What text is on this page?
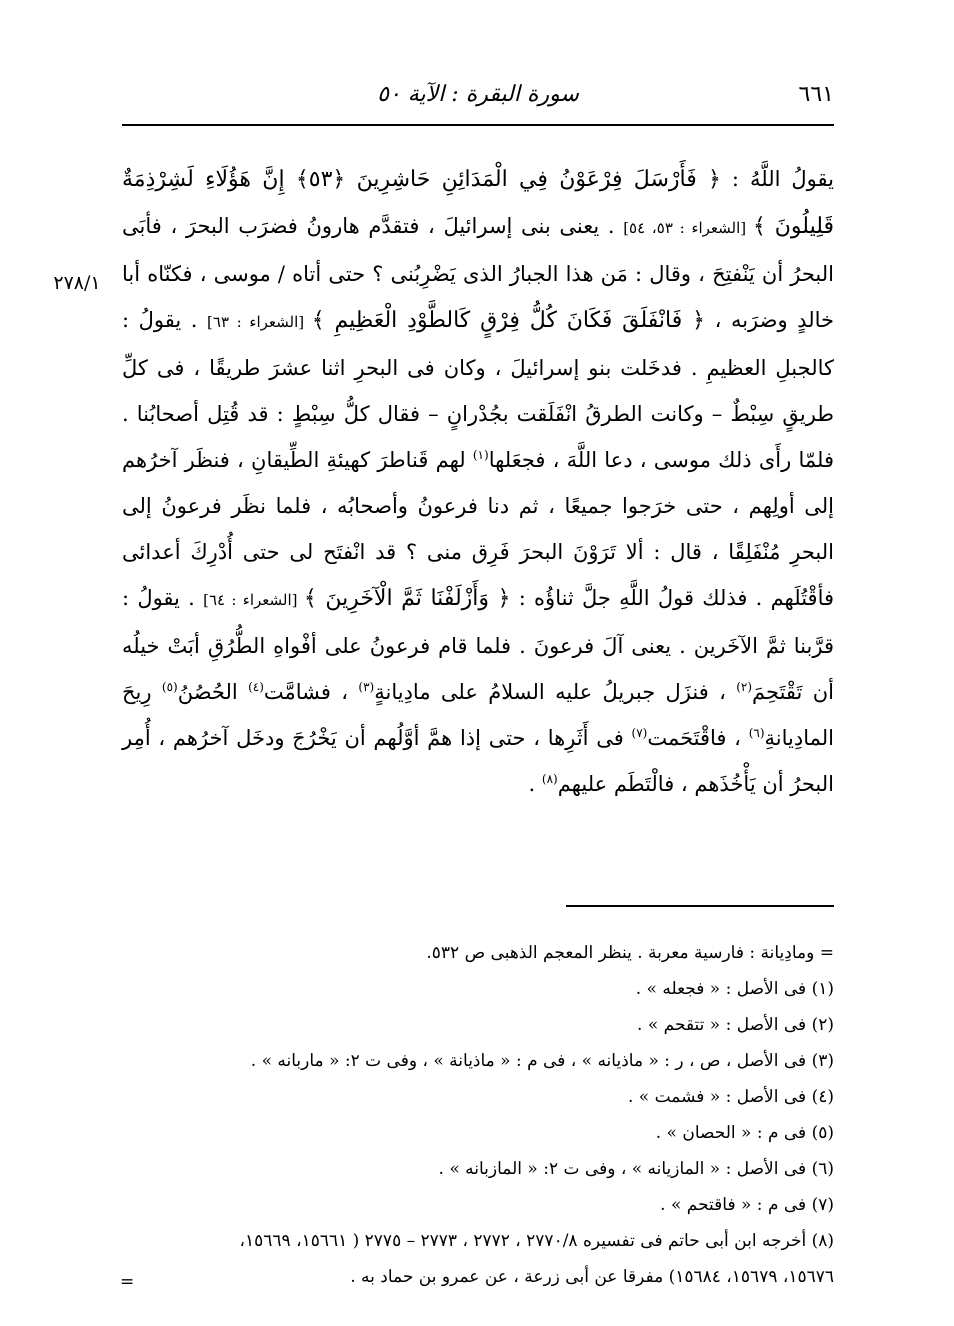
٦٦١
سورة البقرة : الآية ٥٠
٢٧٨/١

يقولُ اللَّهُ : ﴿ فَأَرْسَلَ فِرْعَوْنُ فِي الْمَدَائِنِ حَاشِرِينَ ﴿٥٣﴾ إِنَّ هَؤُلَاءِ لَشِرْذِمَةٌ قَلِيلُونَ ﴾ [الشعراء : ٥٣، ٥٤] . يعنى بنى إسرائيلَ ، فتقدَّم هارونُ فضرَب البحرَ ، فأبَى البحرُ أن يَنْفتِحَ ، وقال : مَن هذا الجبارُ الذى يَضْرِبُنى ؟ حتى أتاه / موسى ، فكنّاه أبا خالدٍ وضرَبه ، ﴿ فَانْفَلَقَ فَكَانَ كُلُّ فِرْقٍ كَالطَّوْدِ الْعَظِيمِ ﴾ [الشعراء : ٦٣] . يقولُ : كالجبلِ العظيمِ . فدخَلت بنو إسرائيلَ ، وكان فى البحرِ اثنا عشرَ طريقًا ، فى كلِّ طريقٍ سِبْطٌ – وكانت الطرقُ انْفَلَقت بجُدْرانٍ – فقال كلُّ سِبْطٍ : قد قُتِل أصحابُنا . فلمّا رأَى ذلك موسى ، دعا اللَّهَ ، فجعَلها$^{(١)}$ لهم قَناطرَ كهيئةِ الطِّيقانِ ، فنظَر آخرُهم إلى أولِهم ، حتى خرَجوا جميعًا ، ثم دنا فرعونُ وأصحابُه ، فلما نظَر فرعونُ إلى البحرِ مُنْفَلِقًا ، قال : ألا تَرَوْنَ البحرَ فَرِق منى ؟ قد انْفتَح لى حتى أُدْرِكَ أعدائى فأقْتُلَهم . فذلك قولُ اللَّهِ جلَّ ثناؤُه : ﴿ وَأَزْلَفْنَا ثَمَّ الْآخَرِينَ ﴾ [الشعراء : ٦٤] . يقولُ : قرَّبنا ثمَّ الآخَرين . يعنى آلَ فرعونَ . فلما قام فرعونُ على أفْواهِ الطُّرُقِ أبَتْ خيلُه أن تَقْتَحِمَ$^{(٢)}$ ، فنزَل جبريلُ عليه السلامُ على مادِيانةٍ$^{(٣)}$ ، فشامَّت$^{(٤)}$ الحُصُنُ$^{(٥)}$ رِيحَ المادِيانةِ$^{(٦)}$ ، فاقْتَحَمت$^{(٧)}$ فى أَثَرِها ، حتى إذا همَّ أوَّلُهم أن يَخْرُجَ ودخَل آخرُهم ، أُمِر البحرُ أن يَأْخُذَهم ، فالْتَطَم عليهم$^{(٨)}$ .

= ومادِيانة : فارسية معربة . ينظر المعجم الذهبى ص ٥٣٢.
(١) فى الأصل : « فجعله » .
(٢) فى الأصل : « تتقحم » .
(٣) فى الأصل ، ص ، ر : « ماذيانه » ، فى م : « ماذيانة » ، وفى ت ٢: « ماربانه » .
(٤) فى الأصل : « فشمت » .
(٥) فى م : « الحصان » .
(٦) فى الأصل : « المازيانه » ، وفى ت ٢: « المازبانه » .
(٧) فى م : « فاقتحم » .
(٨) أخرجه ابن أبى حاتم فى تفسيره ٢٧٧٠/٨ ، ٢٧٧٢ ، ٢٧٧٣ – ٢٧٧٥ ( ١٥٦٦١، ١٥٦٦٩،
١٥٦٧٦، ١٥٦٧٩، ١٥٦٨٤) مفرقا عن أبى زرعة ، عن عمرو بن حماد به .
=
